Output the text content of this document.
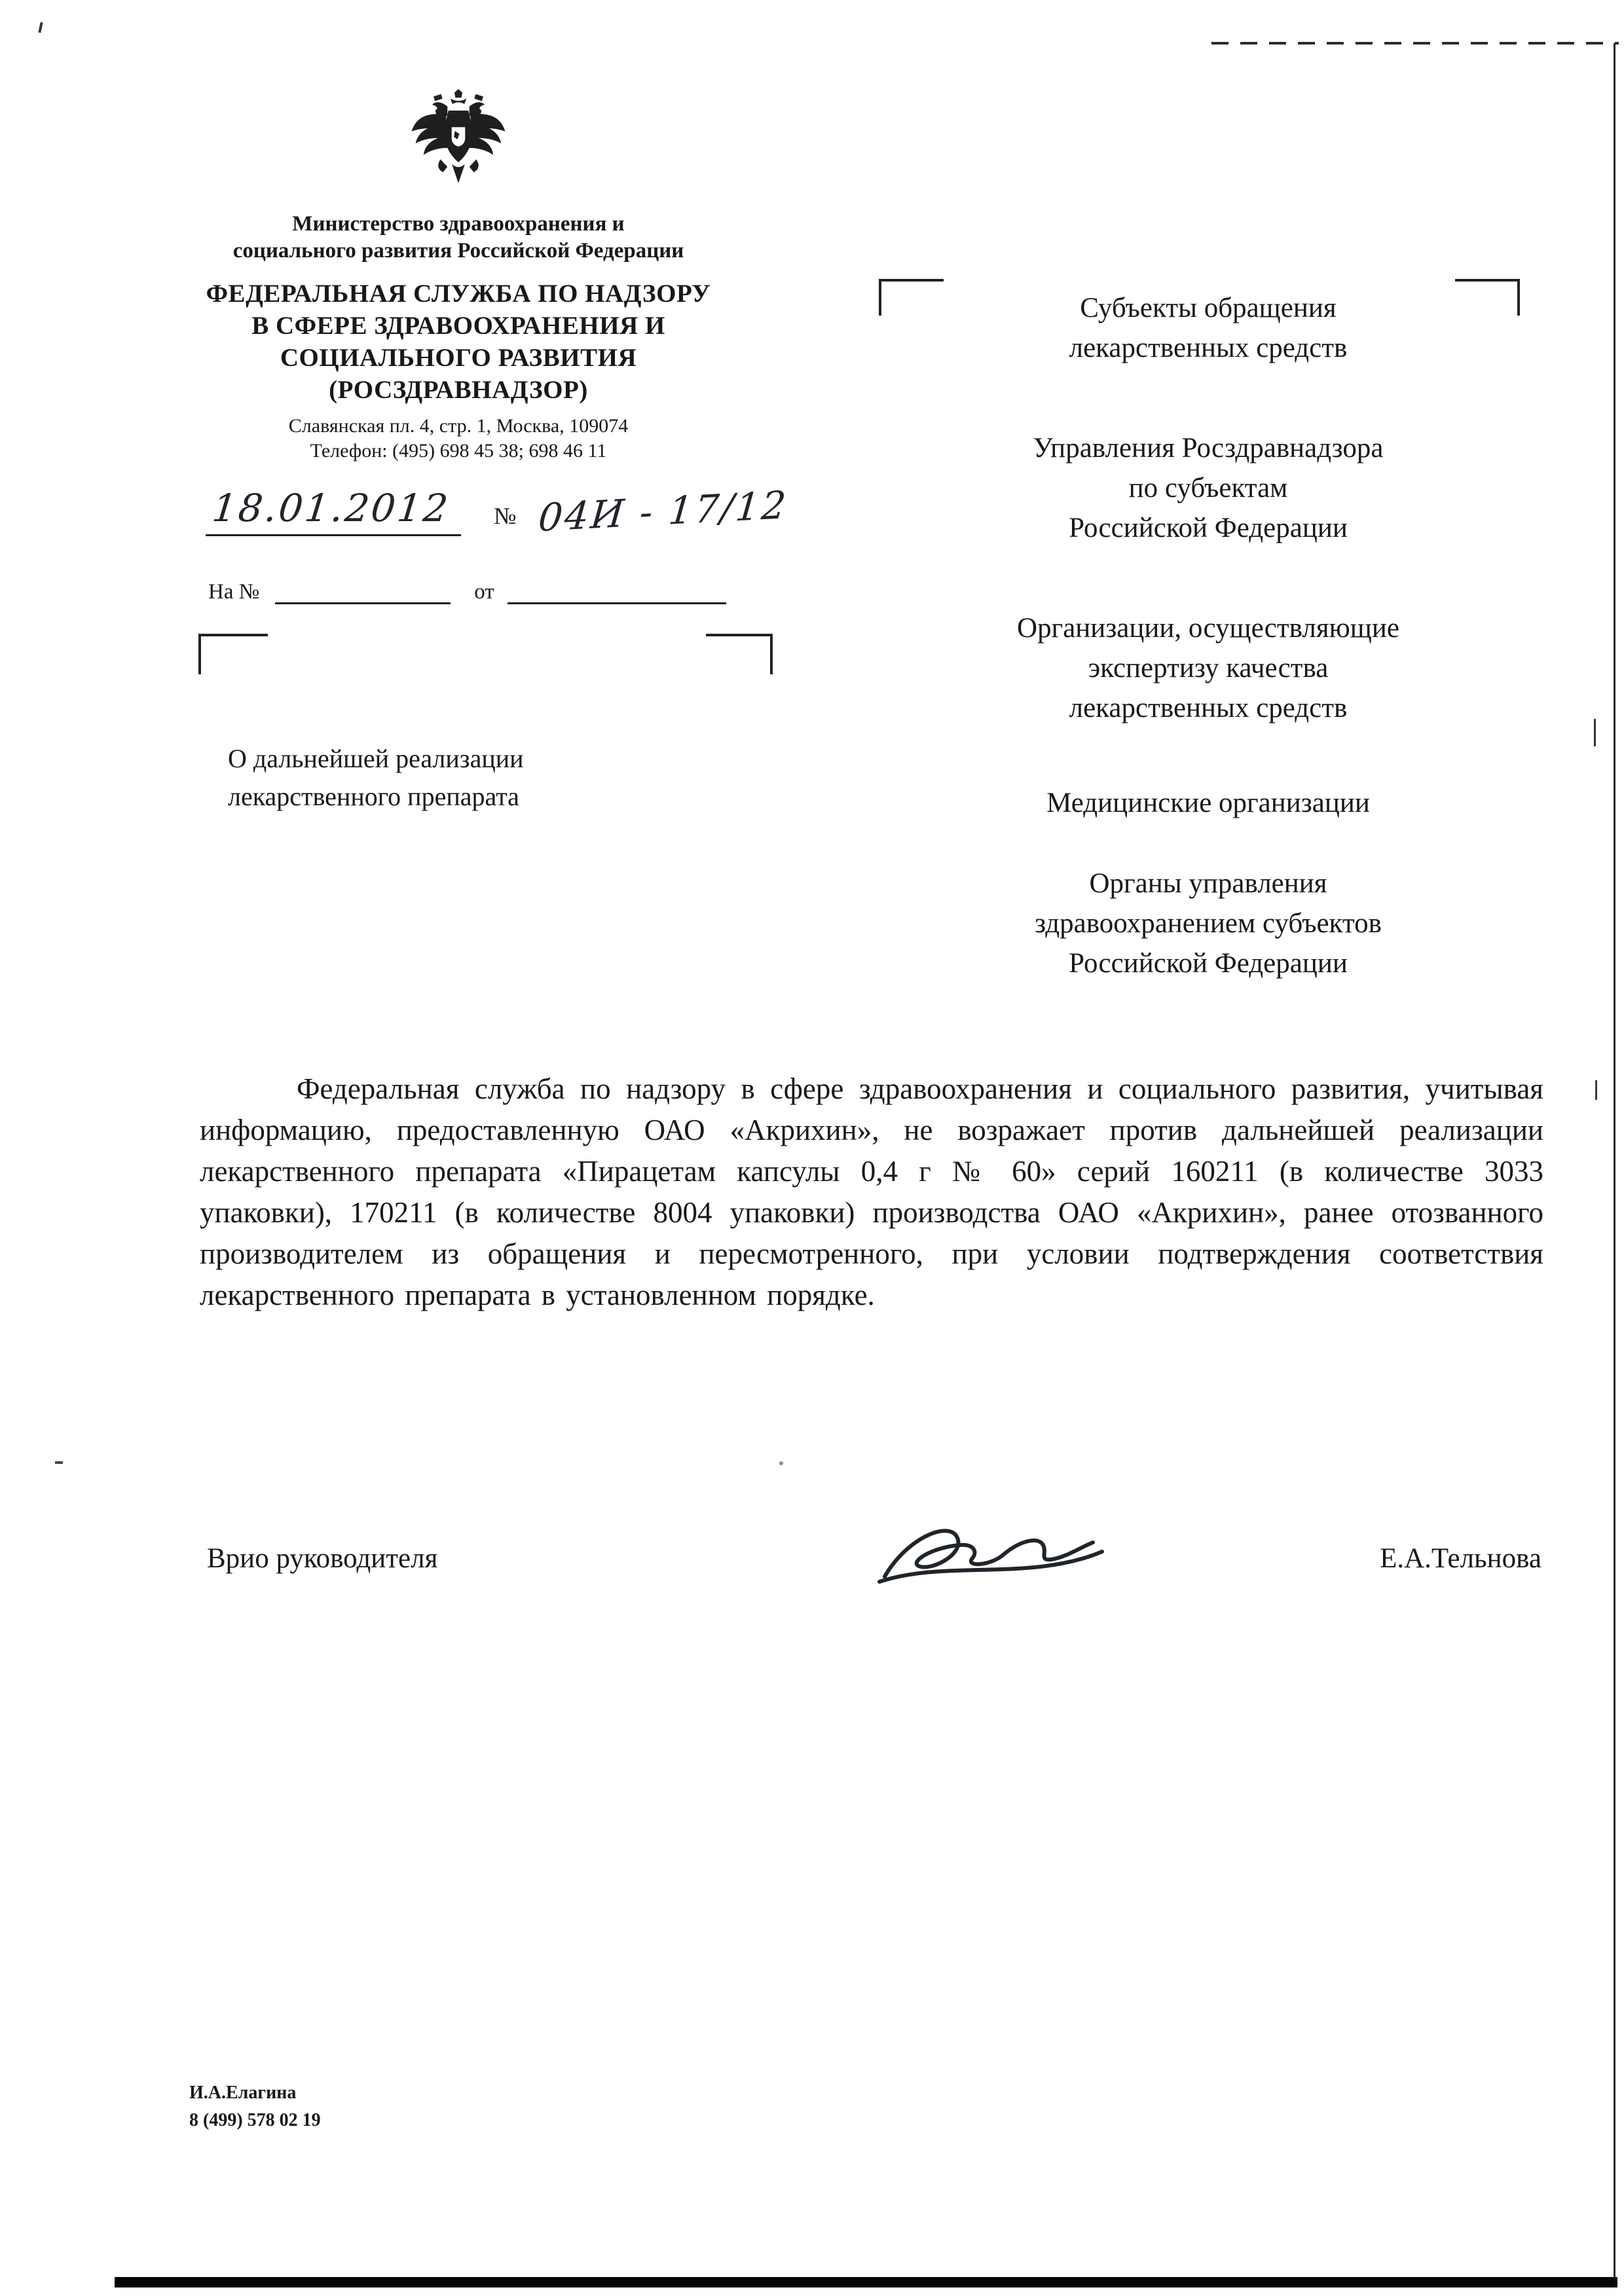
Министерство здравоохранения и
социального развития Российской Федерации
ФЕДЕРАЛЬНАЯ СЛУЖБА ПО НАДЗОРУ
В СФЕРЕ ЗДРАВООХРАНЕНИЯ И
СОЦИАЛЬНОГО РАЗВИТИЯ
(РОСЗДРАВНАДЗОР)
Славянская пл. 4, стр. 1, Москва, 109074
Телефон: (495) 698 45 38; 698 46 11
18.01.2012	№ 04И - 17/12
На №	от
О дальнейшей реализации
лекарственного препарата
Субъекты обращения
лекарственных средств
Управления Росздравнадзора
по субъектам
Российской Федерации
Организации, осуществляющие
экспертизу качества
лекарственных средств
Медицинские организации
Органы управления
здравоохранением субъектов
Российской Федерации
Федеральная служба по надзору в сфере здравоохранения и социального развития, учитывая информацию, предоставленную ОАО «Акрихин», не возражает против дальнейшей реализации лекарственного препарата «Пирацетам капсулы 0,4 г № 60» серий 160211 (в количестве 3033 упаковки), 170211 (в количестве 8004 упаковки) производства ОАО «Акрихин», ранее отозванного производителем из обращения и пересмотренного, при условии подтверждения соответствия лекарственного препарата в установленном порядке.
Врио руководителя	Е.А.Тельнова
И.А.Елагина
8 (499) 578 02 19
